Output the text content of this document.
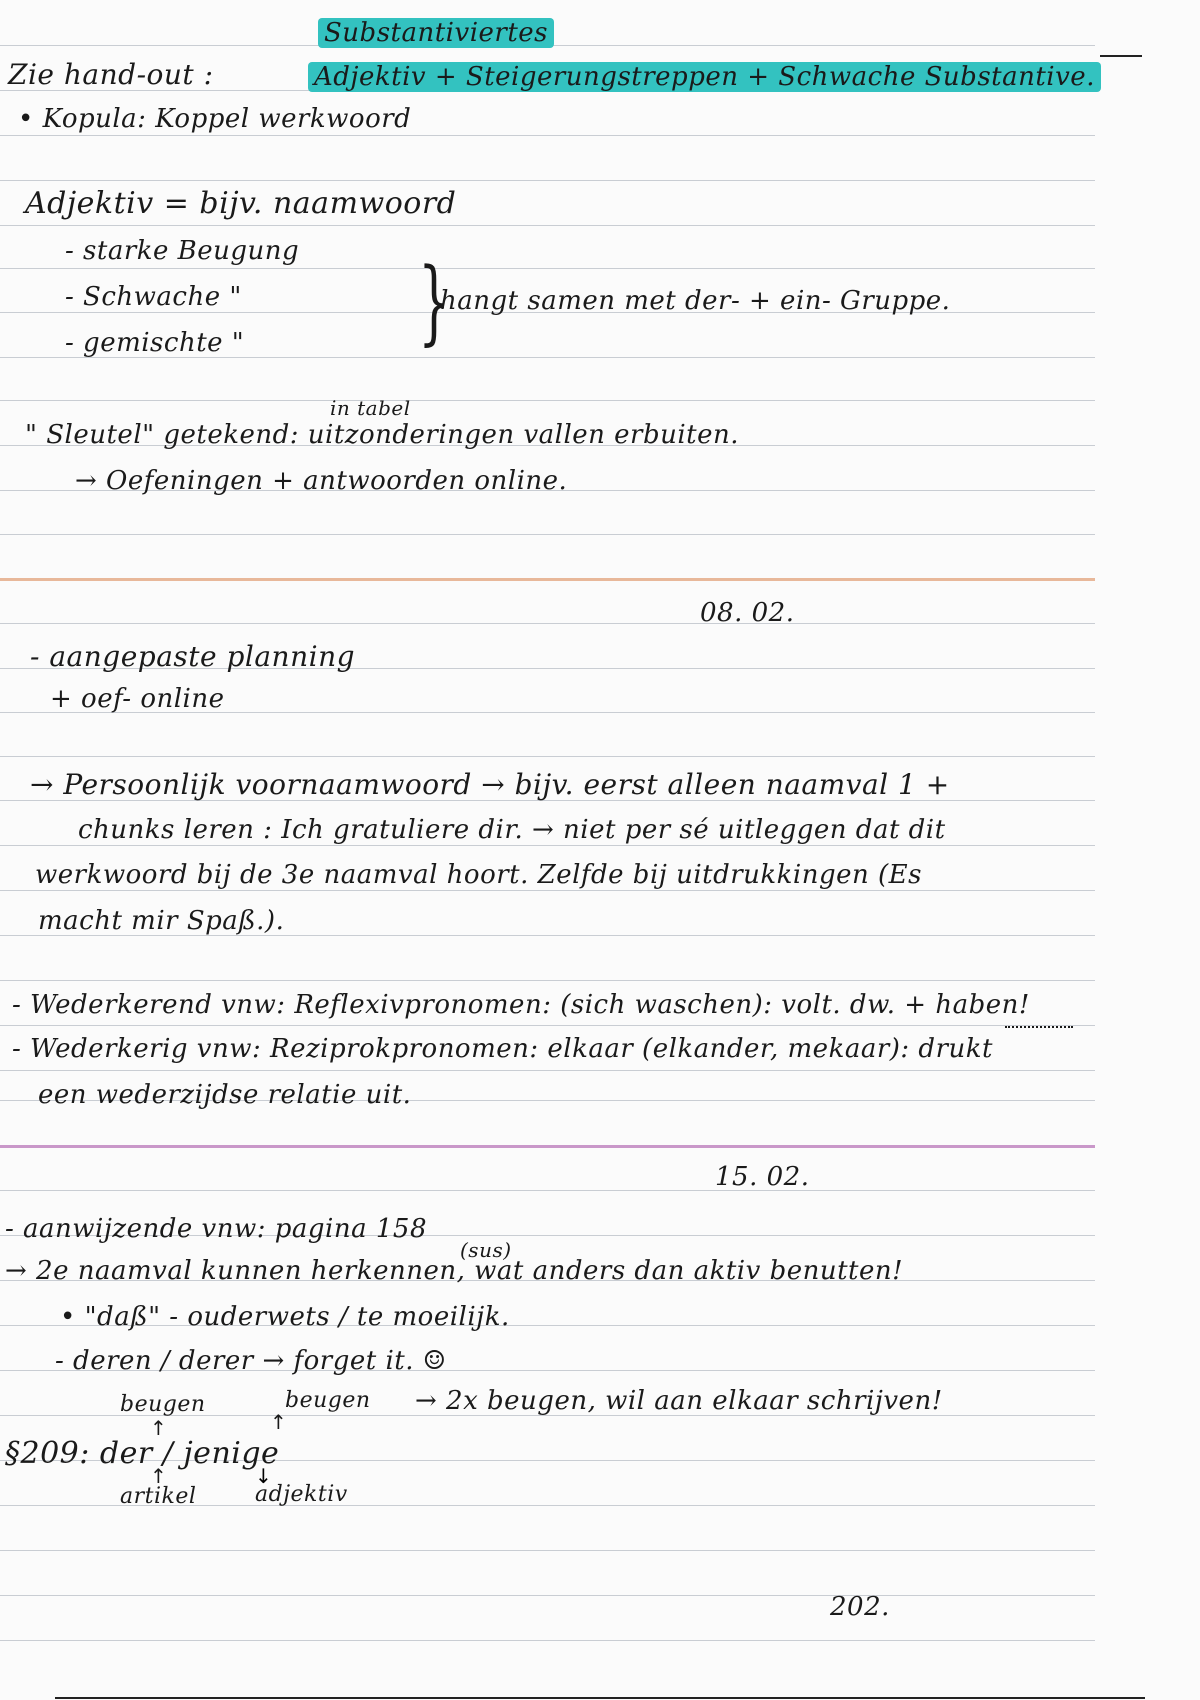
Substantiviertes
Zie hand-out :	Adjektiv + Steigerungstreppen + Schwache Substantive.
• Kopula: Koppel werkwoord
Adjektiv = bijv. naamwoord
- starke Beugung
- Schwache "
- gemischte " }
hangt samen met der- + ein- Gruppe.
in tabel
" Sleutel" getekend: uitzonderingen vallen erbuiten.
→ Oefeningen + antwoorden online.
08. 02.
- aangepaste planning
+ oef- online
→ Persoonlijk voornaamwoord → bijv. eerst alleen naamval 1 +
chunks leren : Ich gratuliere dir. → niet per sé uitleggen dat dit
werkwoord bij de 3e naamval hoort. Zelfde bij uitdrukkingen (Es
macht mir Spaß.).
- Wederkerend vnw: Reflexivpronomen: (sich waschen): volt. dw. + haben!
- Wederkerig vnw: Reziprokpronomen: elkaar (elkander, mekaar): drukt
een wederzijdse relatie uit.
15. 02.
- aanwijzende vnw: pagina 158
(sus)
→ 2e naamval kunnen herkennen, wat anders dan aktiv benutten!
• "daß" - ouderwets / te moeilijk.
- deren / derer → forget it. ☺
beugen	beugen → 2x beugen, wil aan elkaar schrijven!
↑	↑
§209: der / jenige
↑	↓
artikel	adjektiv
202.
